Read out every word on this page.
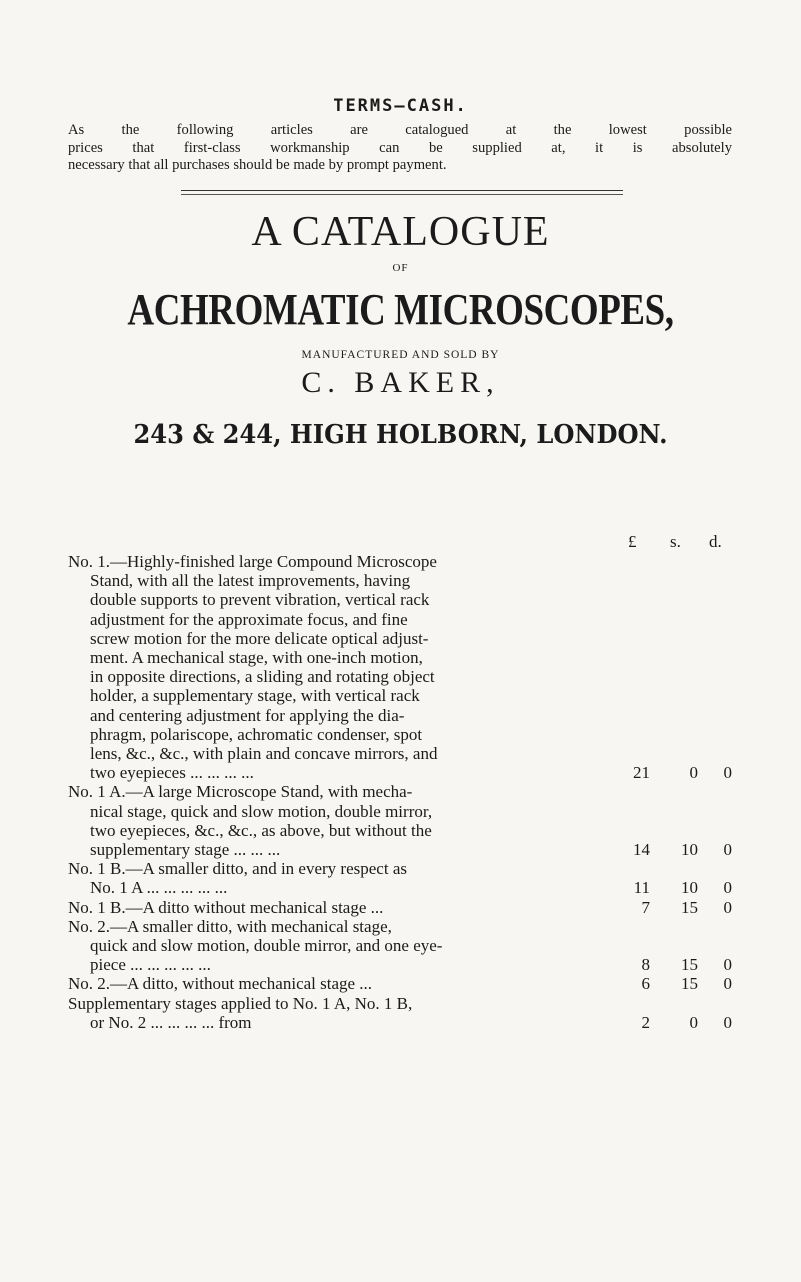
TERMS—CASH.
As the following articles are catalogued at the lowest possible
prices that first-class workmanship can be supplied at, it is absolutely
necessary that all purchases should be made by prompt payment.
A CATALOGUE
OF
ACHROMATIC MICROSCOPES,
MANUFACTURED AND SOLD BY
C. BAKER,
243 & 244, HIGH HOLBORN, LONDON.
£ s. d.
No. 1.—Highly-finished large Compound Microscope
Stand, with all the latest improvements, having
double supports to prevent vibration, vertical rack
adjustment for the approximate focus, and fine
screw motion for the more delicate optical adjust-
ment. A mechanical stage, with one-inch motion,
in opposite directions, a sliding and rotating object
holder, a supplementary stage, with vertical rack
and centering adjustment for applying the dia-
phragm, polariscope, achromatic condenser, spot
lens, &c., &c., with plain and concave mirrors, and
two eyepieces ... ... ... ...	21	0 0
No. 1 A.—A large Microscope Stand, with mecha-
nical stage, quick and slow motion, double mirror,
two eyepieces, &c., &c., as above, but without the
supplementary stage ... ... ...	14	10 0
No. 1 B.—A smaller ditto, and in every respect as
No. 1 A ... ... ... ... ...	11	10 0
No. 1 B.—A ditto without mechanical stage ...	7	15 0
No. 2.—A smaller ditto, with mechanical stage,
quick and slow motion, double mirror, and one eye-
piece ... ... ... ... ...	8	15 0
No. 2.—A ditto, without mechanical stage ...	6	15 0
Supplementary stages applied to No. 1 A, No. 1 B,
or No. 2 ... ... ... ... from	2	0 0
